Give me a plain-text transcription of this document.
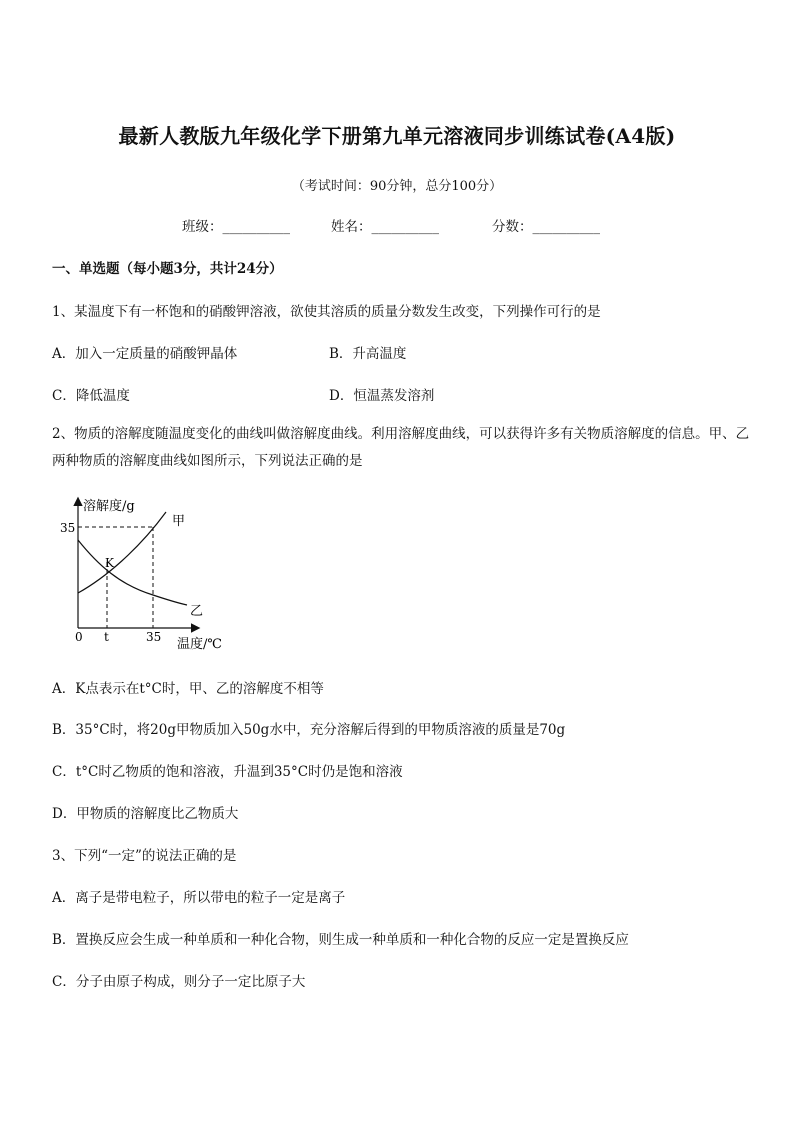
最新人教版九年级化学下册第九单元溶液同步训练试卷(A4版)
（考试时间：90分钟，总分100分）
班级：__________	姓名：__________	分数：__________
一、单选题（每小题3分，共计24分）
1、某温度下有一杯饱和的硝酸钾溶液，欲使其溶质的质量分数发生改变，下列操作可行的是
A．加入一定质量的硝酸钾晶体	B．升高温度
C．降低温度	D．恒温蒸发溶剂
2、物质的溶解度随温度变化的曲线叫做溶解度曲线。利用溶解度曲线，可以获得许多有关物质溶解度的信息。甲、乙两种物质的溶解度曲线如图所示，下列说法正确的是
溶解度/g
35	甲
乙
K
0 t	35 温度/℃
A．K点表示在t°C时，甲、乙的溶解度不相等
B．35°C时，将20g甲物质加入50g水中，充分溶解后得到的甲物质溶液的质量是70g
C．t°C时乙物质的饱和溶液，升温到35°C时仍是饱和溶液
D．甲物质的溶解度比乙物质大
3、下列“一定”的说法正确的是
A．离子是带电粒子，所以带电的粒子一定是离子
B．置换反应会生成一种单质和一种化合物，则生成一种单质和一种化合物的反应一定是置换反应
C．分子由原子构成，则分子一定比原子大
